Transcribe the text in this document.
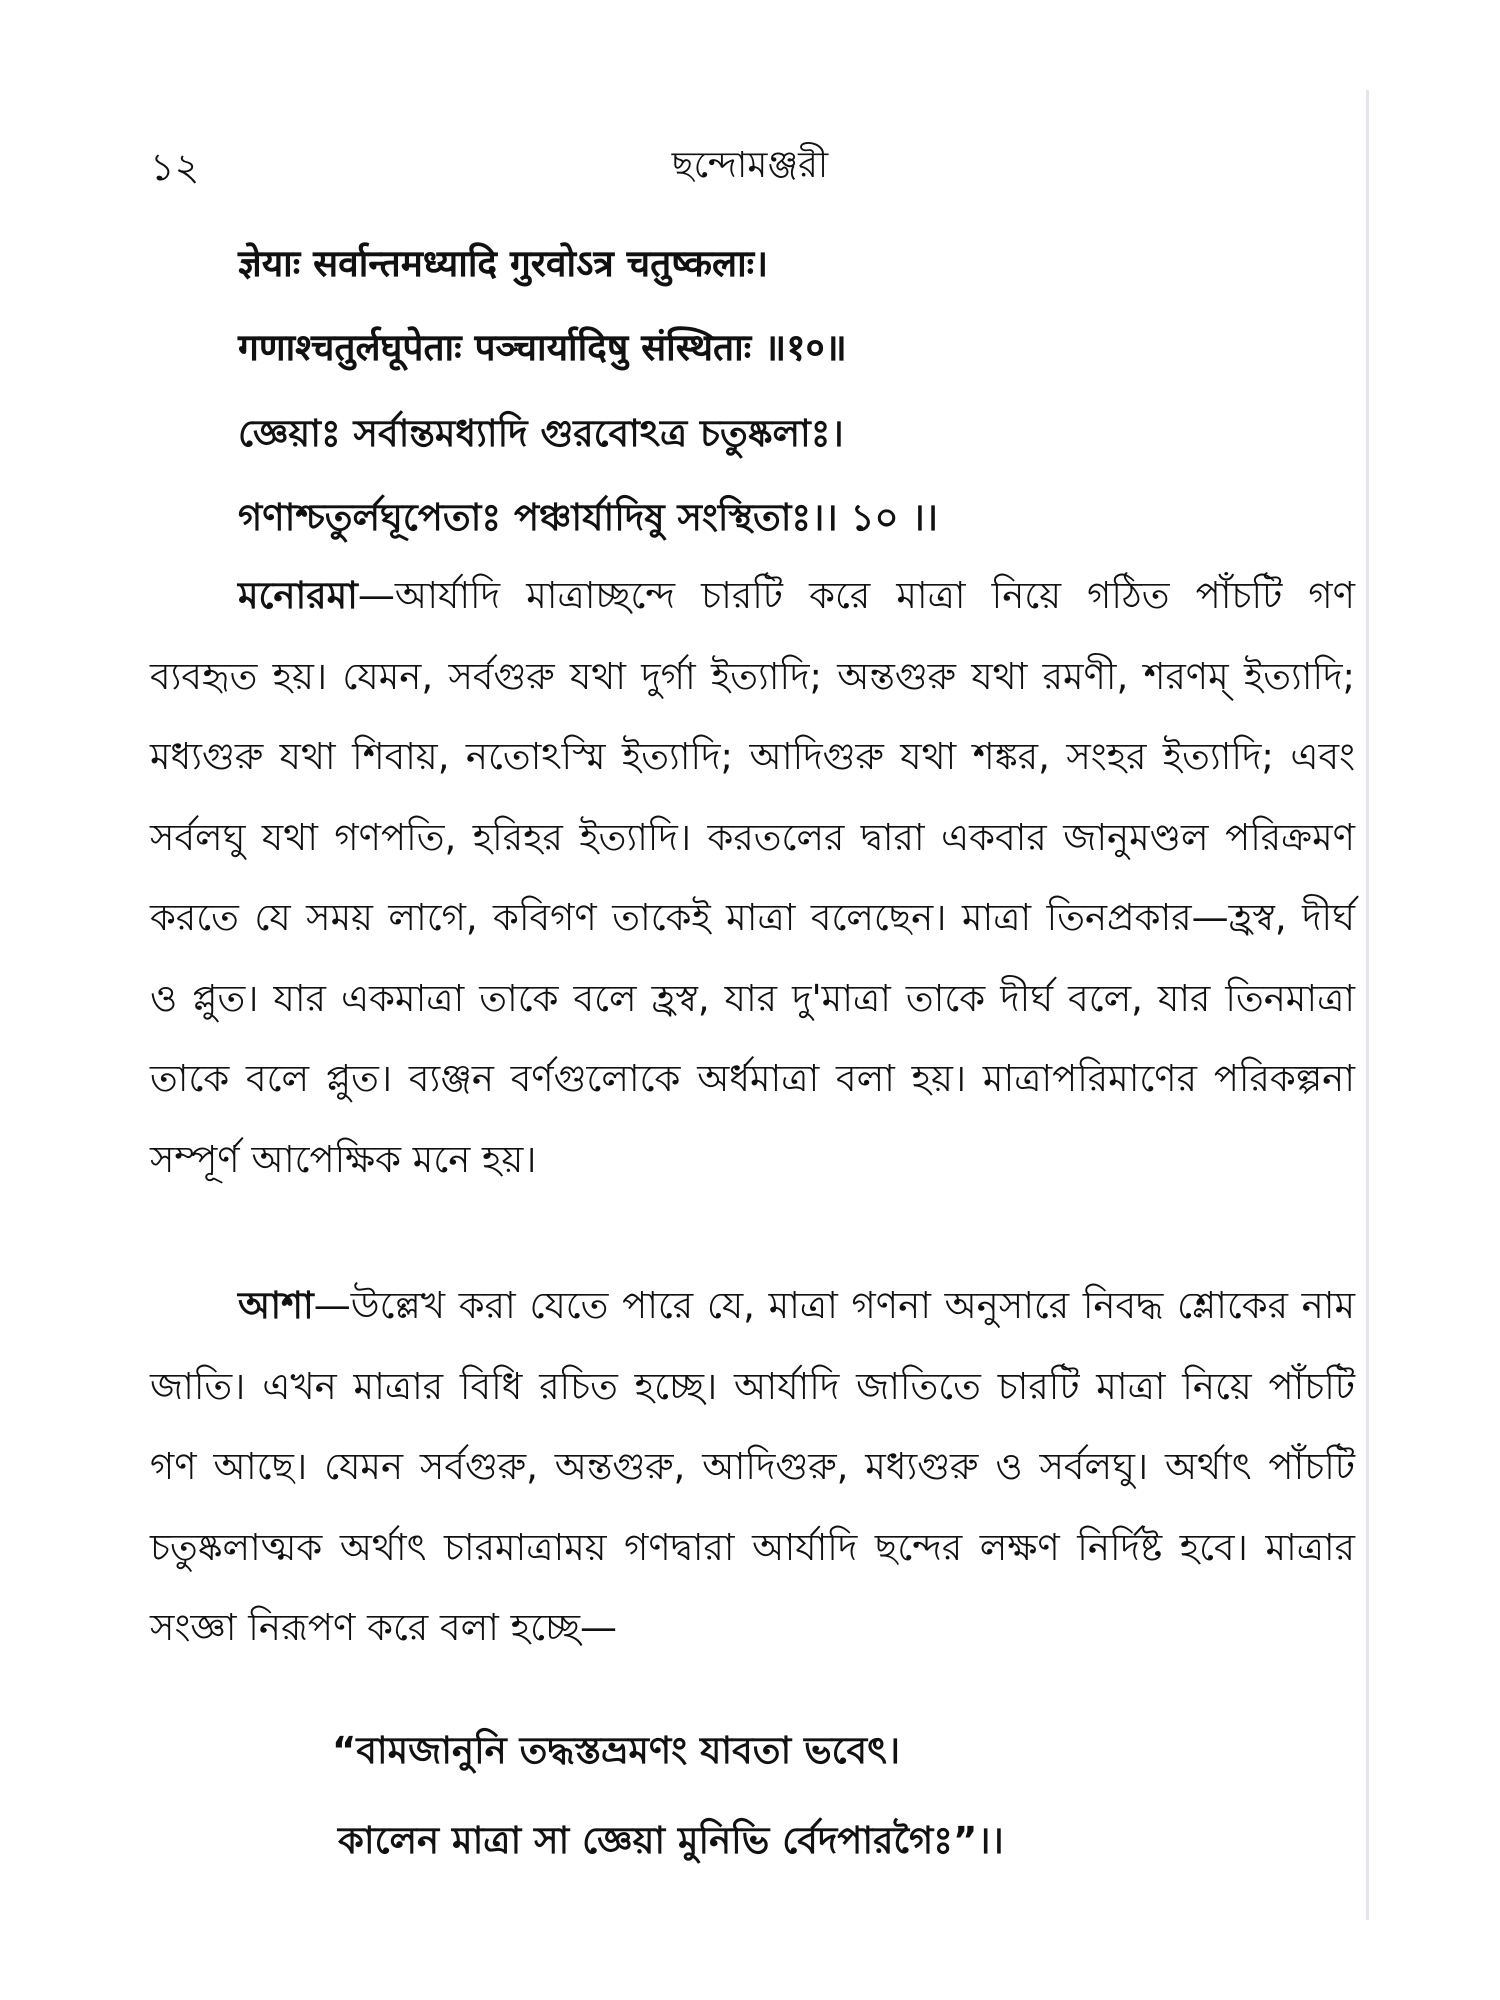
১২	ছন্দোমঞ্জরী
ज्ञेयाः सर्वान्तमध्यादि गुरवोऽत्र चतुष्कलाः।
गणाश्चतुर्लघूपेताः पञ्चार्यादिषु संस्थिताः ॥१०॥
জ্ঞেয়াঃ সর্বান্তমধ্যাদি গুরবোঽত্র চতুষ্কলাঃ।
গণাশ্চতুর্লঘূপেতাঃ পঞ্চার্যাদিষু সংস্থিতাঃ।। ১০ ।।
মনোরমা—আর্যাদি মাত্রাচ্ছন্দে চারটি করে মাত্রা নিয়ে গঠিত পাঁচটি গণ ব্যবহৃত হয়। যেমন, সর্বগুরু যথা দুর্গা ইত্যাদি; অন্তগুরু যথা রমণী, শরণম্ ইত্যাদি; মধ্যগুরু যথা শিবায়, নতোঽস্মি ইত্যাদি; আদিগুরু যথা শঙ্কর, সংহর ইত্যাদি; এবং সর্বলঘু যথা গণপতি, হরিহর ইত্যাদি। করতলের দ্বারা একবার জানুমণ্ডল পরিক্রমণ করতে যে সময় লাগে, কবিগণ তাকেই মাত্রা বলেছেন। মাত্রা তিনপ্রকার—হ্রস্ব, দীর্ঘ ও প্লুত। যার একমাত্রা তাকে বলে হ্রস্ব, যার দু'মাত্রা তাকে দীর্ঘ বলে, যার তিনমাত্রা তাকে বলে প্লুত। ব্যঞ্জন বর্ণগুলোকে অর্ধমাত্রা বলা হয়। মাত্রাপরিমাণের পরিকল্পনা সম্পূর্ণ আপেক্ষিক মনে হয়।
আশা—উল্লেখ করা যেতে পারে যে, মাত্রা গণনা অনুসারে নিবদ্ধ শ্লোকের নাম জাতি। এখন মাত্রার বিধি রচিত হচ্ছে। আর্যাদি জাতিতে চারটি মাত্রা নিয়ে পাঁচটি গণ আছে। যেমন সর্বগুরু, অন্তগুরু, আদিগুরু, মধ্যগুরু ও সর্বলঘু। অর্থাৎ পাঁচটি চতুষ্কলাত্মক অর্থাৎ চারমাত্রাময় গণদ্বারা আর্যাদি ছন্দের লক্ষণ নির্দিষ্ট হবে। মাত্রার সংজ্ঞা নিরূপণ করে বলা হচ্ছে—
“বামজানুনি তদ্ধস্তভ্রমণং যাবতা ভবেৎ।
কালেন মাত্রা সা জ্ঞেয়া মুনিভি র্বেদপারগৈঃ”।।
